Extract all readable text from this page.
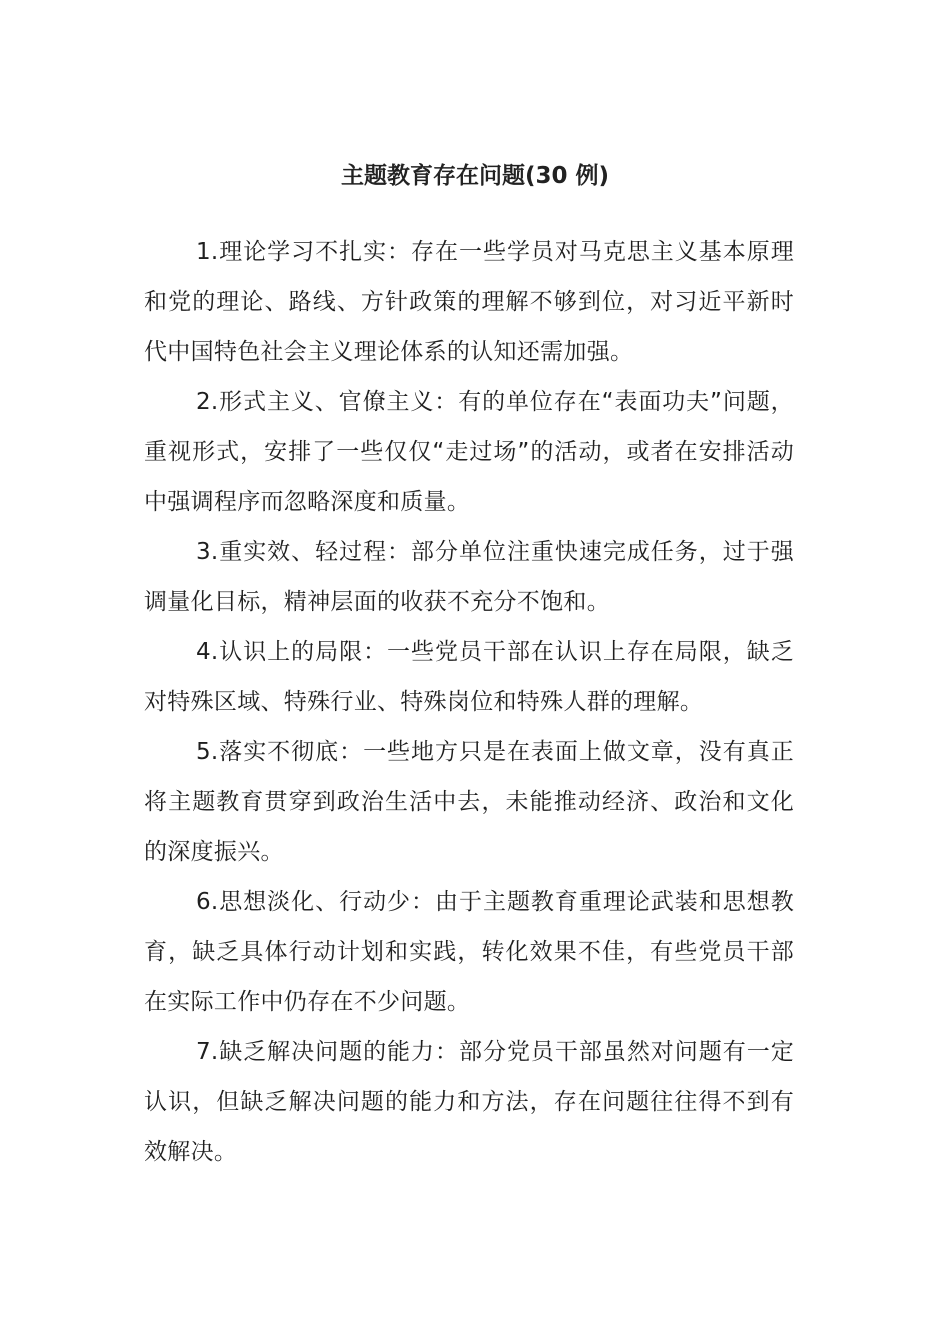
主题教育存在问题(30 例)

1.理论学习不扎实：存在一些学员对马克思主义基本原理和党的理论、路线、方针政策的理解不够到位，对习近平新时代中国特色社会主义理论体系的认知还需加强。

2.形式主义、官僚主义：有的单位存在“表面功夫”问题，重视形式，安排了一些仅仅“走过场”的活动，或者在安排活动中强调程序而忽略深度和质量。

3.重实效、轻过程：部分单位注重快速完成任务，过于强调量化目标，精神层面的收获不充分不饱和。

4.认识上的局限：一些党员干部在认识上存在局限，缺乏对特殊区域、特殊行业、特殊岗位和特殊人群的理解。

5.落实不彻底：一些地方只是在表面上做文章，没有真正将主题教育贯穿到政治生活中去，未能推动经济、政治和文化的深度振兴。

6.思想淡化、行动少：由于主题教育重理论武装和思想教育，缺乏具体行动计划和实践，转化效果不佳，有些党员干部在实际工作中仍存在不少问题。

7.缺乏解决问题的能力：部分党员干部虽然对问题有一定认识，但缺乏解决问题的能力和方法，存在问题往往得不到有效解决。
